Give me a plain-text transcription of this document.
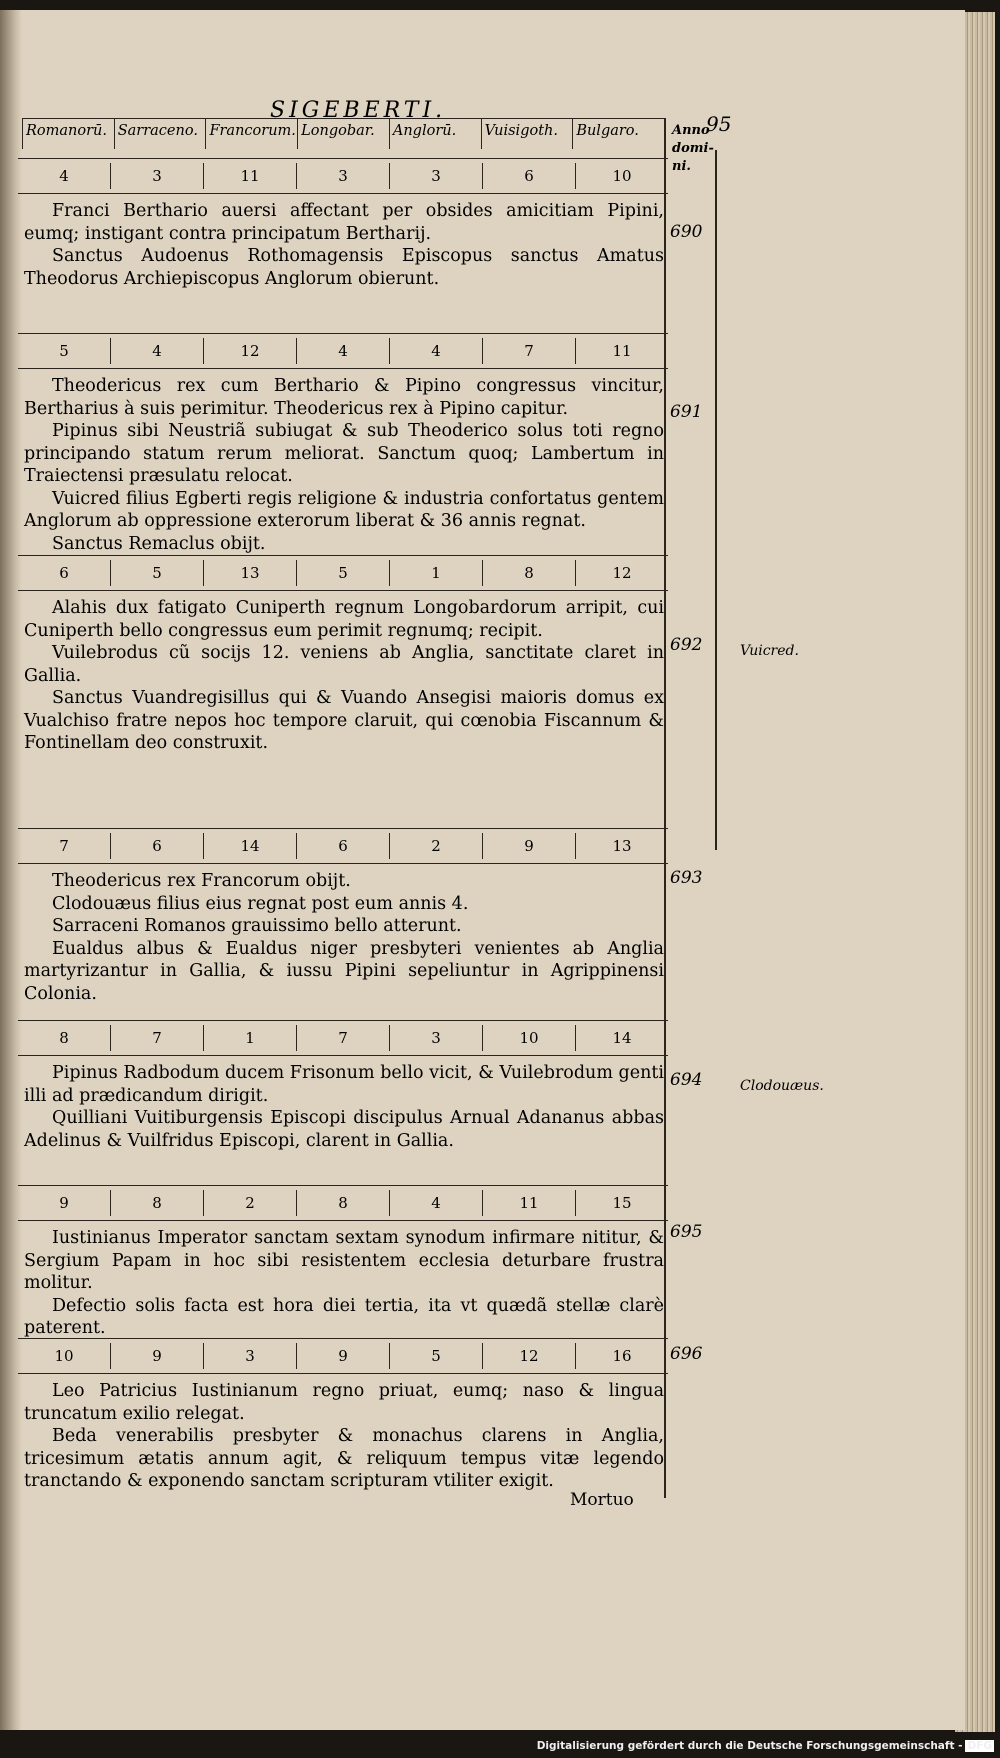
SIGEBERTI.
95
Romanorū. Sarraceno. Francorum. Longobar.	Anglorū.	Vuisigoth.	Bulgaro.	Anno
domi-
ni.
4	3	11	3	3	6	10

Franci Berthario auersi affectant per obsides amicitiam Pipini, eumq; instigant contra principatum Bertharij.

Sanctus Audoenus Rothomagensis Episcopus sanctus Amatus Theodorus Archiepiscopus Anglorum obierunt.

690
5	4	12	4	4	7	11

Theodericus rex cum Berthario & Pipino congressus vincitur, Bertharius à suis perimitur. Theodericus rex à Pipino capitur.

Pipinus sibi Neustriã subiugat & sub Theoderico solus toti regno principando statum rerum meliorat. Sanctum quoq; Lambertum in Traiectensi præsulatu relocat.

Vuicred filius Egberti regis religione & industria confortatus gentem Anglorum ab oppressione exterorum liberat & 36 annis regnat.

Sanctus Remaclus obijt.

691
6	5	13	5	1	8	12

Alahis dux fatigato Cuniperth regnum Longobardorum arripit, cui Cuniperth bello congressus eum perimit regnumq; recipit.

Vuilebrodus cũ socijs 12. veniens ab Anglia, sanctitate claret in Gallia.

Sanctus Vuandregisillus qui & Vuando Ansegisi maioris domus ex Vualchiso fratre nepos hoc tempore claruit, qui cœnobia Fiscannum & Fontinellam deo construxit.

692	Vuicred.
7	6	14	6	2	9	13

Theodericus rex Francorum obijt.

Clodouæus filius eius regnat post eum annis 4.

Sarraceni Romanos grauissimo bello atterunt.

Eualdus albus & Eualdus niger presbyteri venientes ab Anglia martyrizantur in Gallia, & iussu Pipini sepeliuntur in Agrippinensi Colonia.

693
8	7	1	7	3	10	14

Pipinus Radbodum ducem Frisonum bello vicit, & Vuilebrodum genti illi ad prædicandum dirigit.

Quilliani Vuitiburgensis Episcopi discipulus Arnual Adananus abbas Adelinus & Vuilfridus Episcopi, clarent in Gallia.

694	Clodouæus.
9	8	2	8	4	11	15

Iustinianus Imperator sanctam sextam synodum infirmare nititur, & Sergium Papam in hoc sibi resistentem ecclesia deturbare frustra molitur.

Defectio solis facta est hora diei tertia, ita vt quædã stellæ clarè paterent.

695
10	9	3	9	5	12	16

Leo Patricius Iustinianum regno priuat, eumq; naso & lingua truncatum exilio relegat.

Beda venerabilis presbyter & monachus clarens in Anglia, tricesimum ætatis annum agit, & reliquum tempus vitæ legendo tranctando & exponendo sanctam scripturam vtiliter exigit.

696
Mortuo
Digitalisierung gefördert durch die Deutsche Forschungsgemeinschaft - DFG
